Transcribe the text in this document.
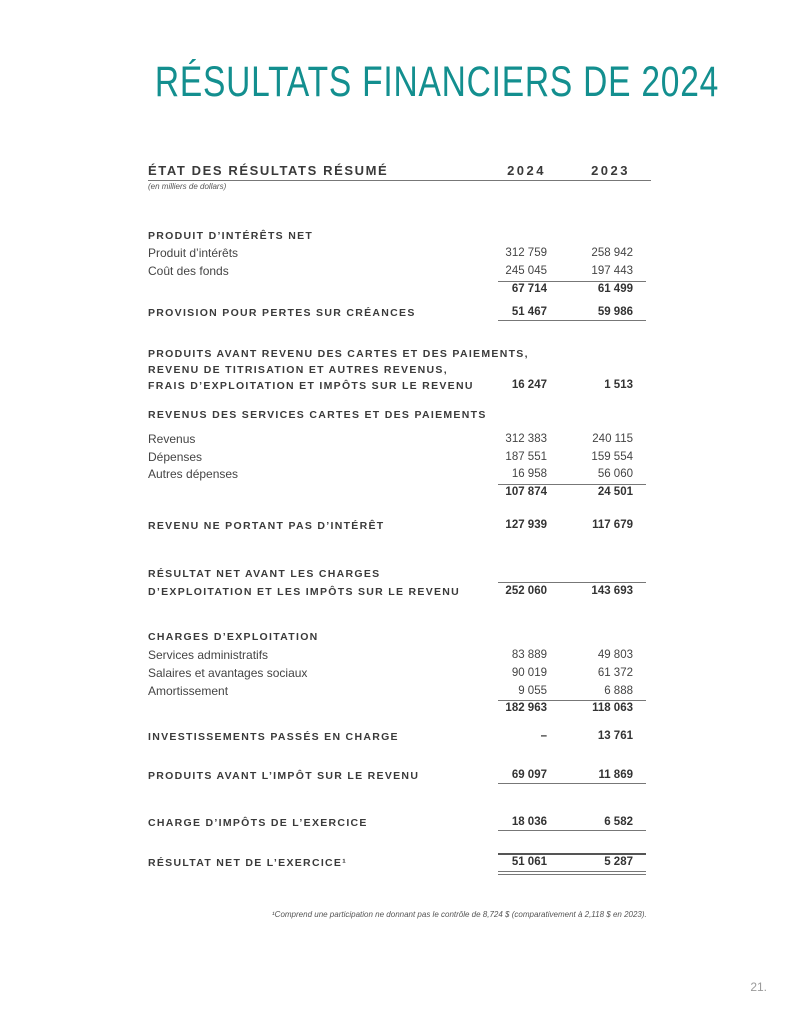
RÉSULTATS FINANCIERS DE 2024
ÉTAT DES RÉSULTATS RÉSUMÉ	2024	2023
(en milliers de dollars)
PRODUIT D’INTÉRÊTS NET
Produit d’intérêts	312 759	258 942
Coût des fonds	245 045	197 443
67 714	61 499
PROVISION POUR PERTES SUR CRÉANCES	51 467	59 986
PRODUITS AVANT REVENU DES CARTES ET DES PAIEMENTS,
REVENU DE TITRISATION ET AUTRES REVENUS,
FRAIS D’EXPLOITATION ET IMPÔTS SUR LE REVENU	16 247	1 513
REVENUS DES SERVICES CARTES ET DES PAIEMENTS
Revenus	312 383	240 115
Dépenses	187 551	159 554
Autres dépenses	16 958	56 060
107 874	24 501
REVENU NE PORTANT PAS D’INTÉRÊT	127 939	117 679
RÉSULTAT NET AVANT LES CHARGES
D’EXPLOITATION ET LES IMPÔTS SUR LE REVENU	252 060	143 693
CHARGES D’EXPLOITATION
Services administratifs	83 889	49 803
Salaires et avantages sociaux	90 019	61 372
Amortissement	9 055	6 888
182 963	118 063
INVESTISSEMENTS PASSÉS EN CHARGE	–	13 761
PRODUITS AVANT L’IMPÔT SUR LE REVENU	69 097	11 869
CHARGE D’IMPÔTS DE L’EXERCICE	18 036	6 582
RÉSULTAT NET DE L’EXERCICE¹	51 061	5 287
¹Comprend une participation ne donnant pas le contrôle de 8,724 $ (comparativement à 2,118 $ en 2023).
21.
